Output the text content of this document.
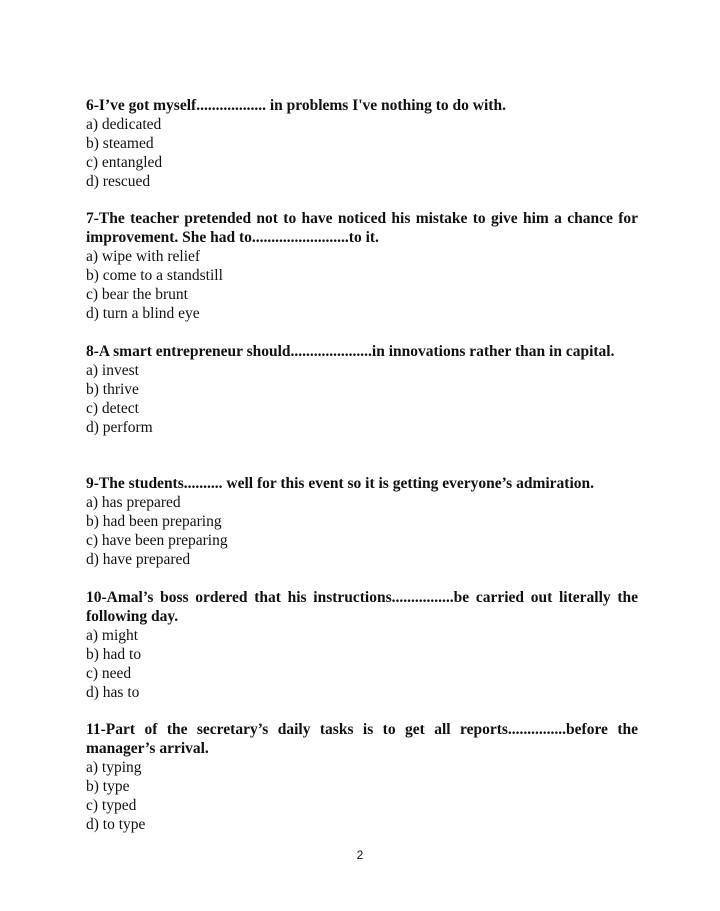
6-I’ve got myself.................. in problems I've nothing to do with.
a) dedicated
b) steamed
c) entangled
d) rescued
7-The teacher pretended not to have noticed his mistake to give him a chance for improvement. She had to.........................to it.
a) wipe with relief
b) come to a standstill
c) bear the brunt
d) turn a blind eye
8-A smart entrepreneur should.....................in innovations rather than in capital.
a) invest
b) thrive
c) detect
d) perform
9-The students.......... well for this event so it is getting everyone’s admiration.
a) has prepared
b) had been preparing
c) have been preparing
d) have prepared
10-Amal’s boss ordered that his instructions................be carried out literally the following day.
a) might
b) had to
c) need
d) has to
11-Part of the secretary’s daily tasks is to get all reports...............before the manager’s arrival.
a) typing
b) type
c) typed
d) to type
2
